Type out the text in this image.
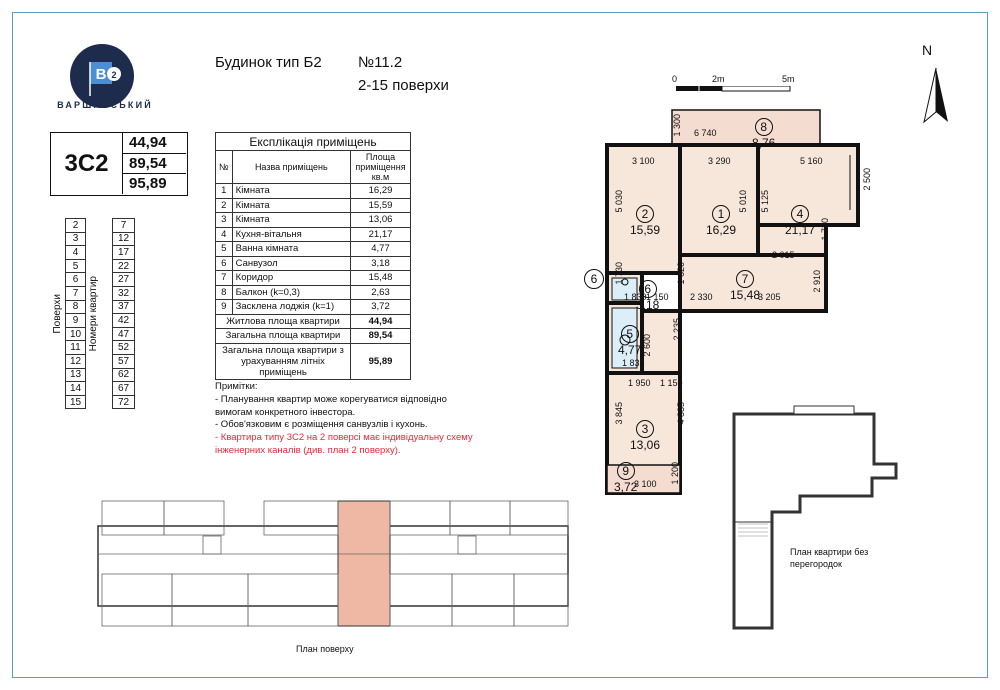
B 2
ВАРШАВСЬКИЙ
Будинок тип Б2 №11.2
2-15 поверхи
3С2
44,94
89,54
95,89
Поверхи	2	Номери квартир	7
	3		12
	4		17
	5		22
	6		27
	7		32
	8		37
	9		42
	10		47
	11		52
	12		57
	13		62
	14		67
	15		72
Експлікація приміщень		
№	Назва приміщень	Площа приміщення кв.м
1	Кімната	16,29
2	Кімната	15,59
3	Кімната	13,06
4	Кухня-вітальня	21,17
5	Ванна кімната	4,77
6	Санвузол	3,18
7	Коридор	15,48
8	Балкон (k=0,3)	2,63
9	Засклена лоджія (k=1)	3,72
Житлова площа квартири		44,94
Загальна площа квартири		89,54
Загальна площа квартири з урахуванням літніх приміщень		95,89
Примітки:
- Планування квартир може корегуватися відповідно вимогам конкретного інвестора.
- Обов'язковим є розміщення санвузлів і кухонь.
- Квартира типу 3С2 на 2 поверсі має індивідуальну схему інженерних каналів (див. план 2 поверху).
N
0	2m	5m
1
16,29
2
15,59
3
13,06
4
21,17
5
4,77
6
3,18
7
15,48
8
8,76
9
3,72
1 300 6 740
3 100	3 290	5 160
5 030	5 010 5 125
2 500
1 730
2 015
2 910
1 620
1 150 2 330	3 205
1 830
1 730
2 235
2 600
1 835
1 950 1 150
3 845	4 835
1 200
3 100
6
План поверху
План квартири без перегородок
